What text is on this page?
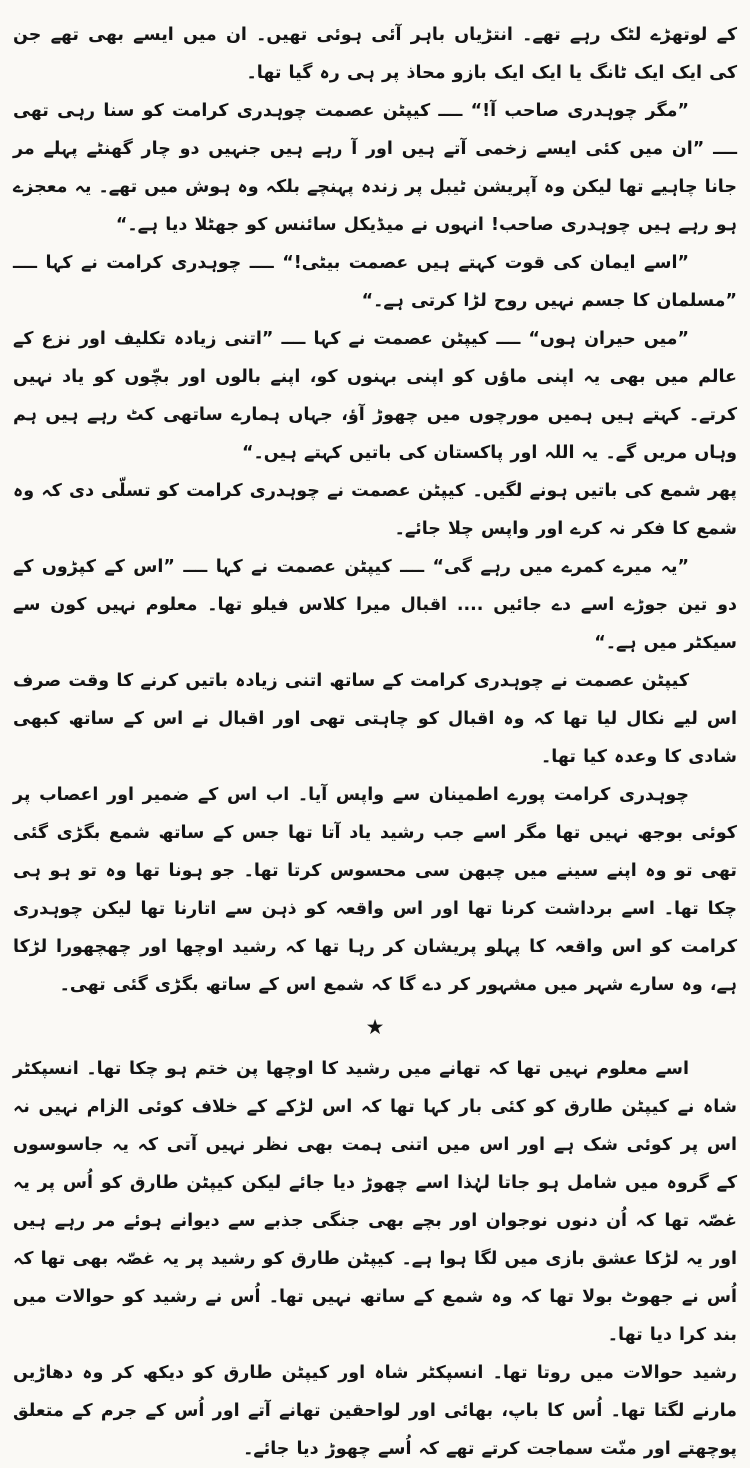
کے لوتھڑے لٹک رہے تھے۔ انتڑیاں باہر آئی ہوئی تھیں۔ ان میں ایسے بھی تھے جن کی ایک ایک ٹانگ یا ایک ایک بازو محاذ پر ہی رہ گیا تھا۔

”مگر چوہدری صاحب آ!“ ــــ کیپٹن عصمت چوہدری کرامت کو سنا رہی تھی ــــ ”ان میں کئی ایسے زخمی آتے ہیں اور آ رہے ہیں جنہیں دو چار گھنٹے پہلے مر جانا چاہیے تھا لیکن وہ آپریشن ٹیبل پر زندہ پہنچے بلکہ وہ ہوش میں تھے۔ یہ معجزے ہو رہے ہیں چوہدری صاحب! انہوں نے میڈیکل سائنس کو جھٹلا دیا ہے۔“

”اسے ایمان کی قوت کہتے ہیں عصمت بیٹی!“ ــــ چوہدری کرامت نے کہا ــــ ”مسلمان کا جسم نہیں روح لڑا کرتی ہے۔“

”میں حیران ہوں“ ــــ کیپٹن عصمت نے کہا ــــ ”اتنی زیادہ تکلیف اور نزع کے عالم میں بھی یہ اپنی ماؤں کو اپنی بہنوں کو، اپنے بالوں اور بچّوں کو یاد نہیں کرتے۔ کہتے ہیں ہمیں مورچوں میں چھوڑ آؤ، جہاں ہمارے ساتھی کٹ رہے ہیں ہم وہاں مریں گے۔ یہ اللہ اور پاکستان کی باتیں کہتے ہیں۔“

پھر شمع کی باتیں ہونے لگیں۔ کیپٹن عصمت نے چوہدری کرامت کو تسلّی دی کہ وہ شمع کا فکر نہ کرے اور واپس چلا جائے۔

”یہ میرے کمرے میں رہے گی“ ــــ کیپٹن عصمت نے کہا ــــ ”اس کے کپڑوں کے دو تین جوڑے اسے دے جائیں .... اقبال میرا کلاس فیلو تھا۔ معلوم نہیں کون سے سیکٹر میں ہے۔“

کیپٹن عصمت نے چوہدری کرامت کے ساتھ اتنی زیادہ باتیں کرنے کا وقت صرف اس لیے نکال لیا تھا کہ وہ اقبال کو چاہتی تھی اور اقبال نے اس کے ساتھ کبھی شادی کا وعدہ کیا تھا۔

چوہدری کرامت پورے اطمینان سے واپس آیا۔ اب اس کے ضمیر اور اعصاب پر کوئی بوجھ نہیں تھا مگر اسے جب رشید یاد آتا تھا جس کے ساتھ شمع بگڑی گئی تھی تو وہ اپنے سینے میں چبھن سی محسوس کرتا تھا۔ جو ہونا تھا وہ تو ہو ہی چکا تھا۔ اسے برداشت کرنا تھا اور اس واقعہ کو ذہن سے اتارنا تھا لیکن چوہدری کرامت کو اس واقعہ کا پہلو پریشان کر رہا تھا کہ رشید اوچھا اور چھچھورا لڑکا ہے، وہ سارے شہر میں مشہور کر دے گا کہ شمع اس کے ساتھ بگڑی گئی تھی۔

★

اسے معلوم نہیں تھا کہ تھانے میں رشید کا اوچھا پن ختم ہو چکا تھا۔ انسپکٹر شاہ نے کیپٹن طارق کو کئی بار کہا تھا کہ اس لڑکے کے خلاف کوئی الزام نہیں نہ اس پر کوئی شک ہے اور اس میں اتنی ہمت بھی نظر نہیں آتی کہ یہ جاسوسوں کے گروہ میں شامل ہو جاتا لہٰذا اسے چھوڑ دیا جائے لیکن کیپٹن طارق کو اُس پر یہ غصّہ تھا کہ اُن دنوں نوجوان اور بچے بھی جنگی جذبے سے دیوانے ہوئے مر رہے ہیں اور یہ لڑکا عشق بازی میں لگا ہوا ہے۔ کیپٹن طارق کو رشید پر یہ غصّہ بھی تھا کہ اُس نے جھوٹ بولا تھا کہ وہ شمع کے ساتھ نہیں تھا۔ اُس نے رشید کو حوالات میں بند کرا دیا تھا۔

رشید حوالات میں روتا تھا۔ انسپکٹر شاہ اور کیپٹن طارق کو دیکھ کر وہ دھاڑیں مارنے لگتا تھا۔ اُس کا باپ، بھائی اور لواحقین تھانے آتے اور اُس کے جرم کے متعلق پوچھتے اور منّت سماجت کرتے تھے کہ اُسے چھوڑ دیا جائے۔
